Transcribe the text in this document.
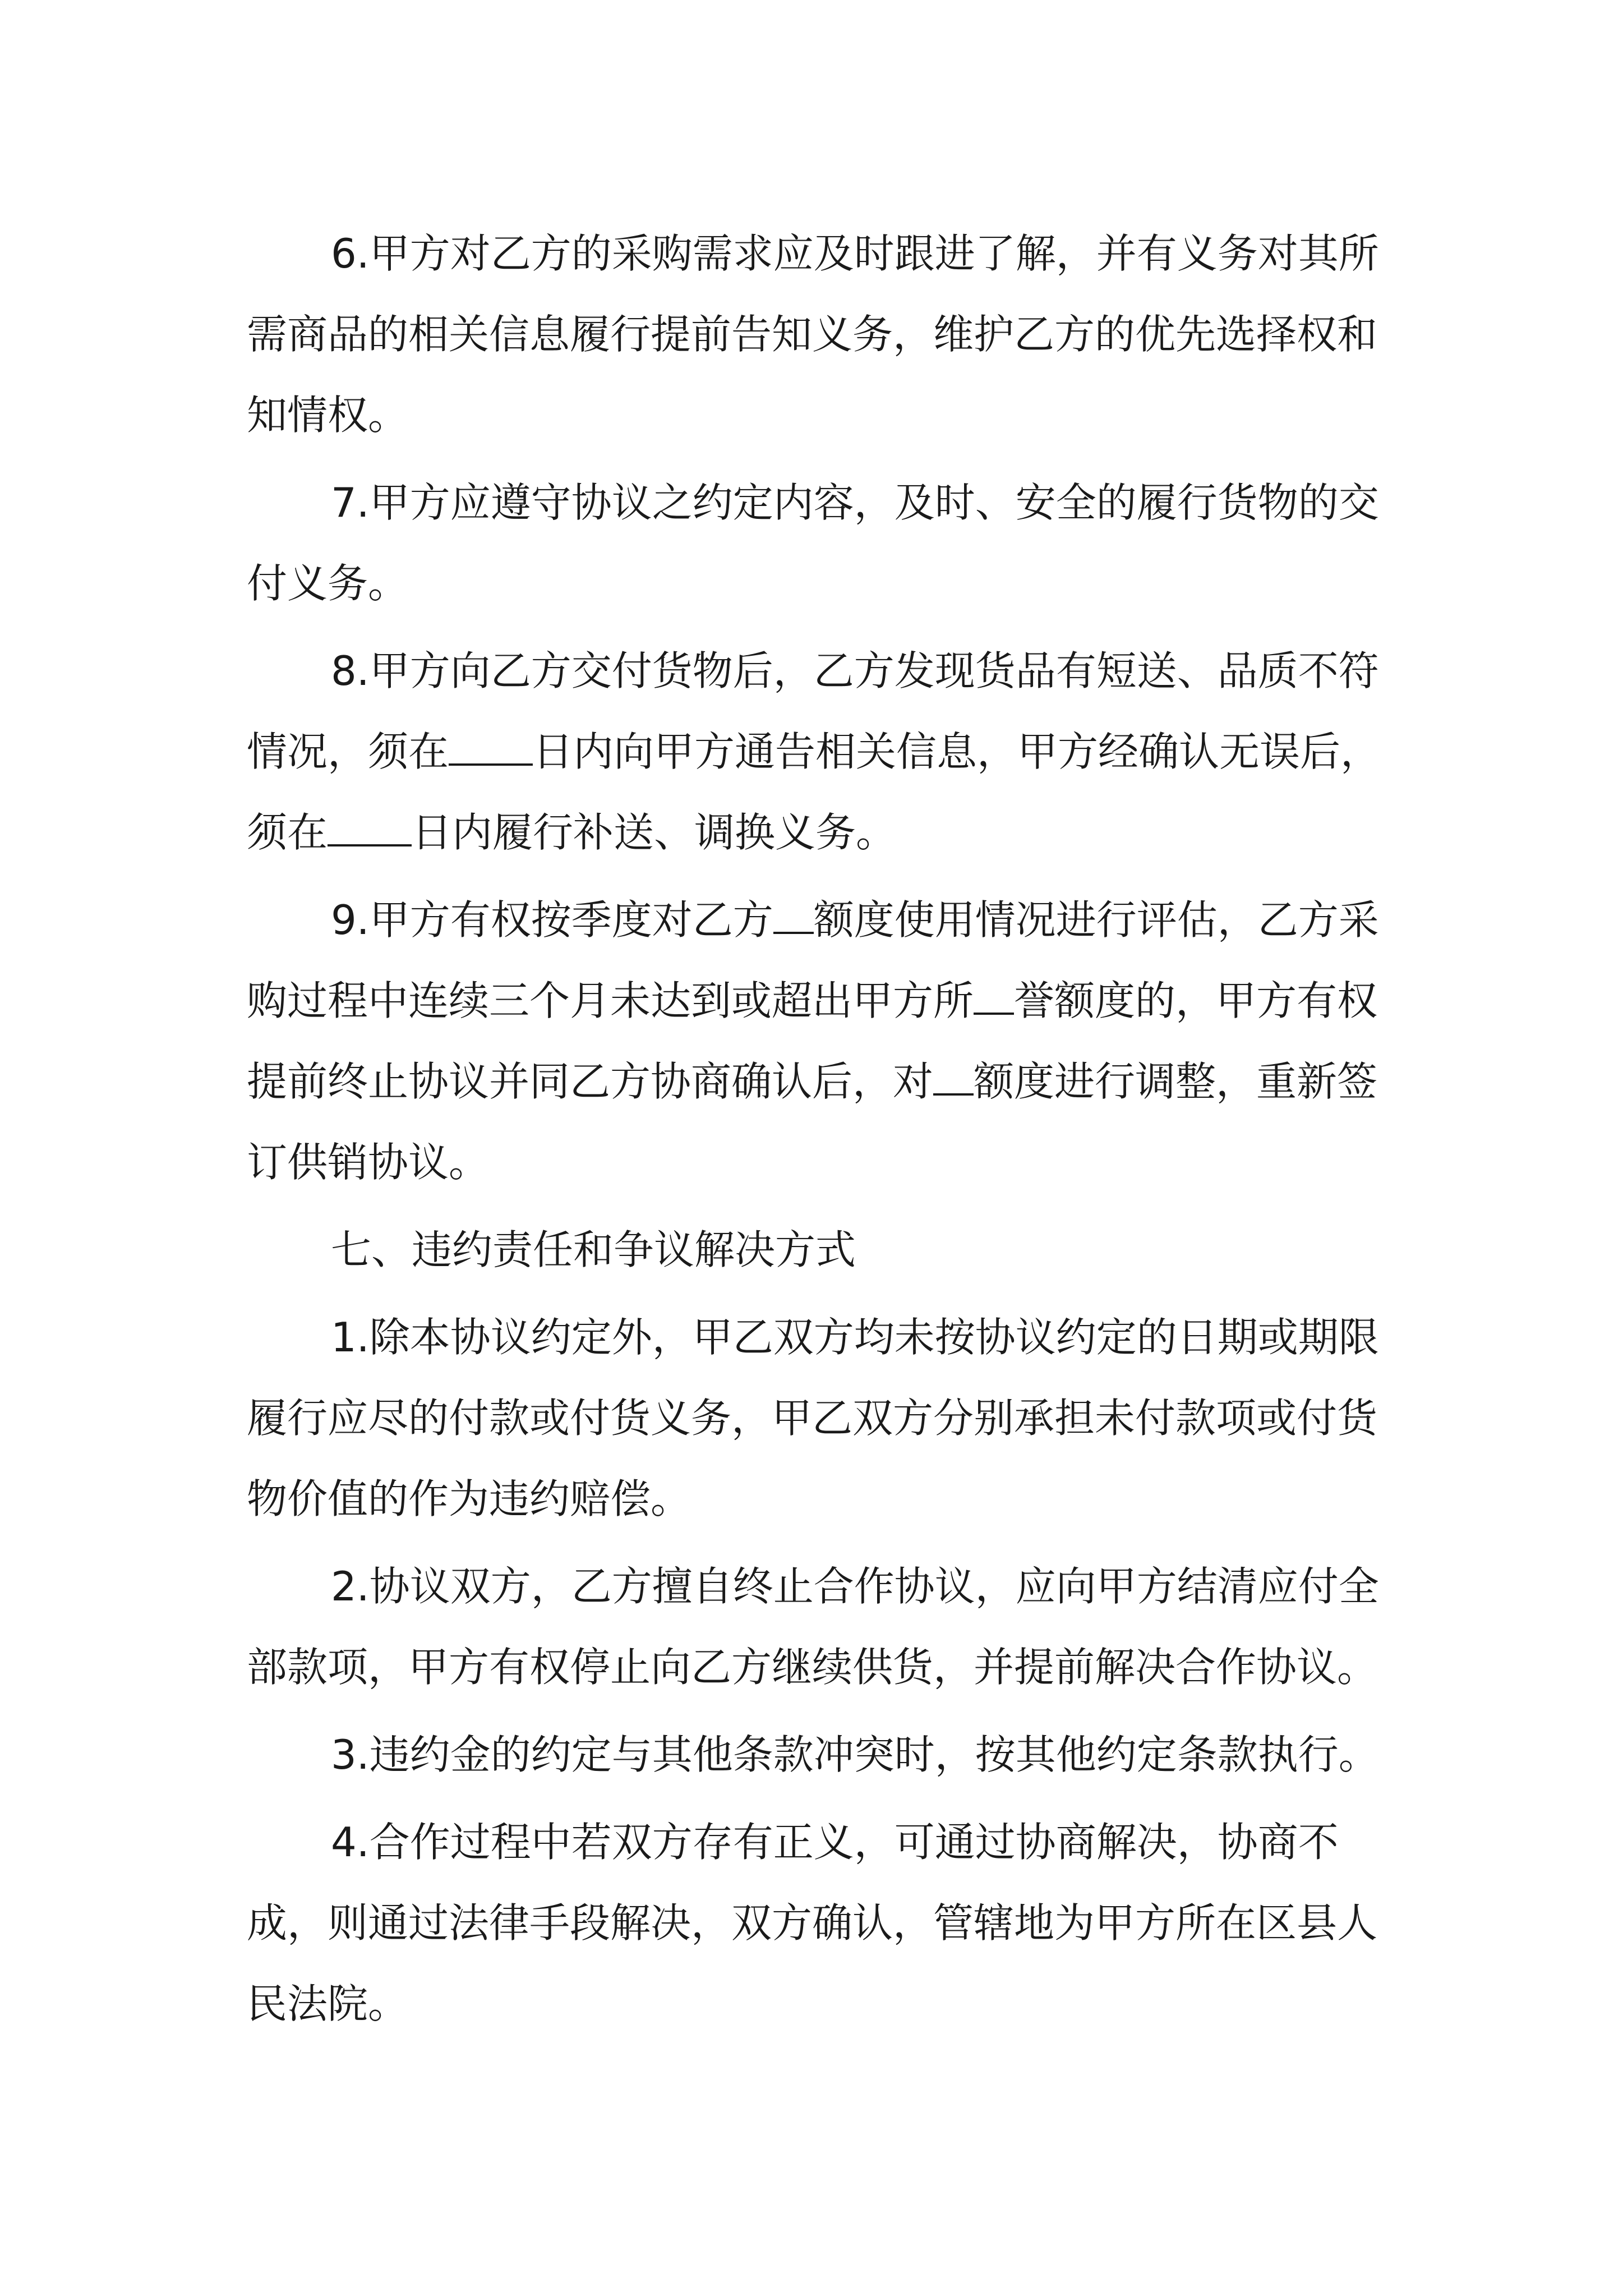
6.甲方对乙方的采购需求应及时跟进了解，并有义务对其所需商品的相关信息履行提前告知义务，维护乙方的优先选择权和知情权。

7.甲方应遵守协议之约定内容，及时、安全的履行货物的交付义务。

8.甲方向乙方交付货物后，乙方发现货品有短送、品质不符情况，须在 日内向甲方通告相关信息，甲方经确认无误后，须在 日内履行补送、调换义务。

9.甲方有权按季度对乙方 额度使用情况进行评估，乙方采购过程中连续三个月未达到或超出甲方所 誉额度的，甲方有权提前终止协议并同乙方协商确认后，对 额度进行调整，重新签订供销协议。

七、违约责任和争议解决方式

1.除本协议约定外，甲乙双方均未按协议约定的日期或期限履行应尽的付款或付货义务，甲乙双方分别承担未付款项或付货物价值的作为违约赔偿。

2.协议双方，乙方擅自终止合作协议，应向甲方结清应付全部款项，甲方有权停止向乙方继续供货，并提前解决合作协议。

3.违约金的约定与其他条款冲突时，按其他约定条款执行。

4.合作过程中若双方存有正义，可通过协商解决，协商不成，则通过法律手段解决，双方确认，管辖地为甲方所在区县人民法院。
